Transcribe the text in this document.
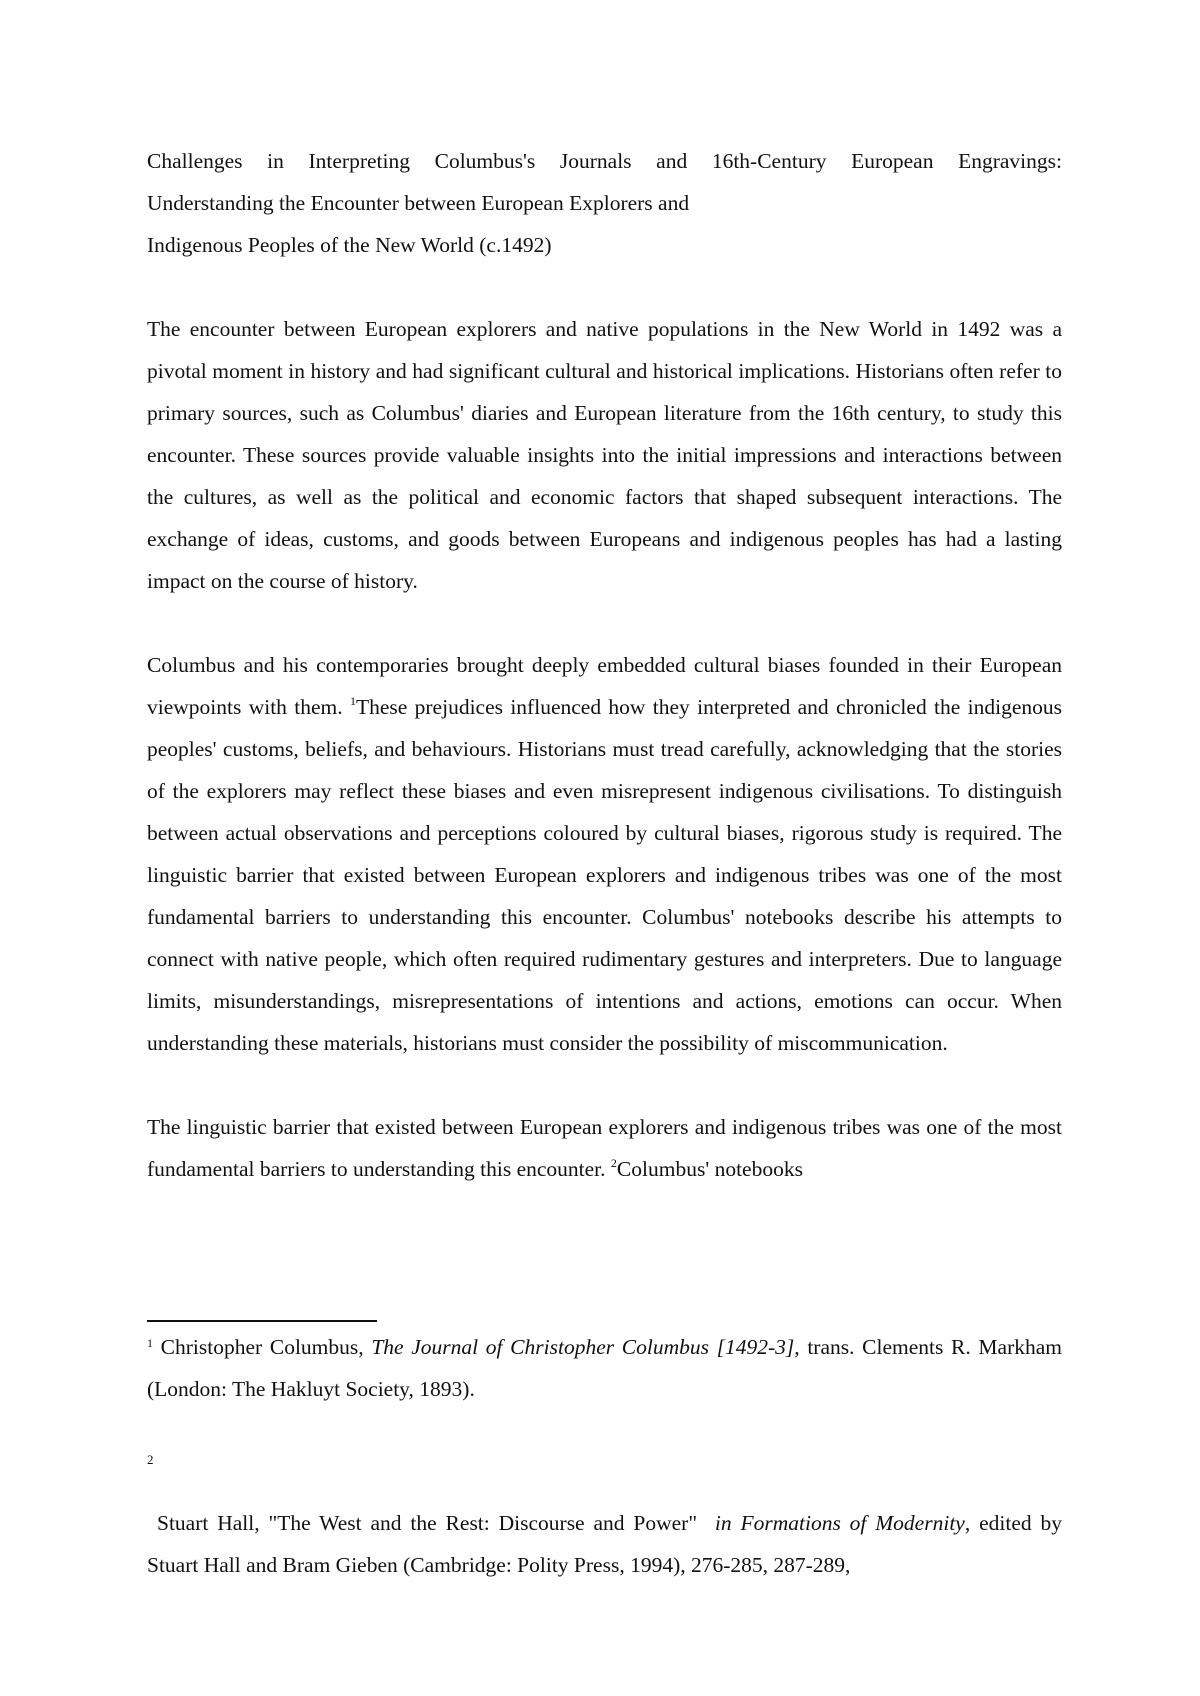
Challenges in Interpreting Columbus's Journals and 16th-Century European Engravings:
Understanding the Encounter between European Explorers and
Indigenous Peoples of the New World (c.1492)

The encounter between European explorers and native populations in the New World in 1492 was a pivotal moment in history and had significant cultural and historical implications. Historians often refer to primary sources, such as Columbus' diaries and European literature from the 16th century, to study this encounter. These sources provide valuable insights into the initial impressions and interactions between the cultures, as well as the political and economic factors that shaped subsequent interactions. The exchange of ideas, customs, and goods between Europeans and indigenous peoples has had a lasting impact on the course of history.

Columbus and his contemporaries brought deeply embedded cultural biases founded in their European viewpoints with them. $^1$These prejudices influenced how they interpreted and chronicled the indigenous peoples' customs, beliefs, and behaviours. Historians must tread carefully, acknowledging that the stories of the explorers may reflect these biases and even misrepresent indigenous civilisations. To distinguish between actual observations and perceptions coloured by cultural biases, rigorous study is required. The linguistic barrier that existed between European explorers and indigenous tribes was one of the most fundamental barriers to understanding this encounter. Columbus' notebooks describe his attempts to connect with native people, which often required rudimentary gestures and interpreters. Due to language limits, misunderstandings, misrepresentations of intentions and actions, emotions can occur. When understanding these materials, historians must consider the possibility of miscommunication.

The linguistic barrier that existed between European explorers and indigenous tribes was one of the most fundamental barriers to understanding this encounter. $^2$Columbus' notebooks

$^1$ Christopher Columbus, The Journal of Christopher Columbus [1492-3], trans. Clements R. Markham (London: The Hakluyt Society, 1893).

2

Stuart Hall, "The West and the Rest: Discourse and Power" in Formations of Modernity, edited by Stuart Hall and Bram Gieben (Cambridge: Polity Press, 1994), 276-285, 287-289,
